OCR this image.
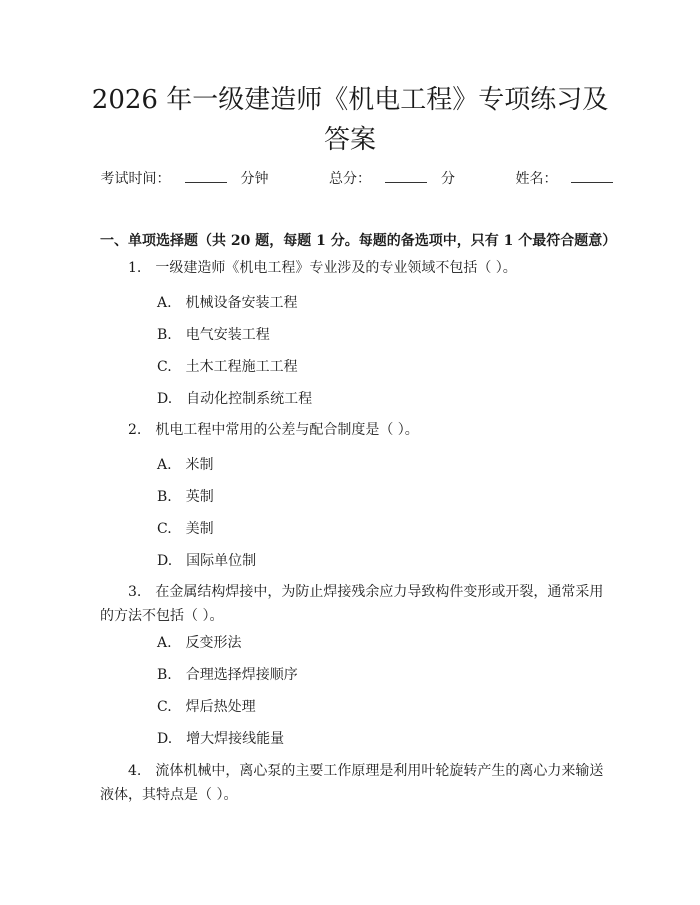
2026 年一级建造师《机电工程》专项练习及
答案
考试时间：	分钟	总分：	分	姓名：
一、单项选择题（共 20 题，每题 1 分。每题的备选项中，只有 1 个最符合题意）
1.　一级建造师《机电工程》专业涉及的专业领域不包括（ ）。
A.　机械设备安装工程
B.　电气安装工程
C.　土木工程施工工程
D.　自动化控制系统工程
2.　机电工程中常用的公差与配合制度是（ ）。
A.　米制
B.　英制
C.　美制
D.　国际单位制
3.　在金属结构焊接中，为防止焊接残余应力导致构件变形或开裂，通常采用的方法不包括（ ）。
A.　反变形法
B.　合理选择焊接顺序
C.　焊后热处理
D.　增大焊接线能量
4.　流体机械中，离心泵的主要工作原理是利用叶轮旋转产生的离心力来输送液体，其特点是（ ）。
